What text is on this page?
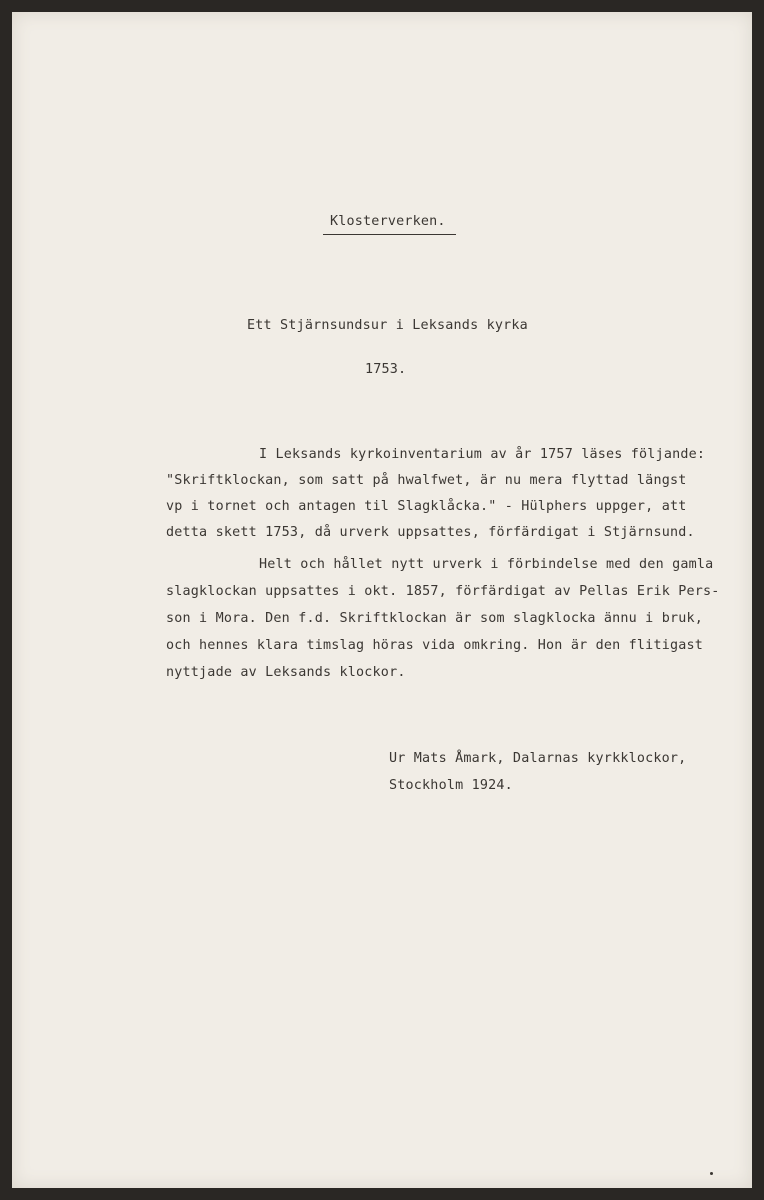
Klosterverken.
Ett Stjärnsundsur i Leksands kyrka
1753.
I Leksands kyrkoinventarium av år 1757 läses följande:
"Skriftklockan, som satt på hwalfwet, är nu mera flyttad längst
vp i tornet och antagen til Slagklåcka." - Hülphers uppger, att
detta skett 1753, då urverk uppsattes, förfärdigat i Stjärnsund.
Helt och hållet nytt urverk i förbindelse med den gamla
slagklockan uppsattes i okt. 1857, förfärdigat av Pellas Erik Pers-
son i Mora. Den f.d. Skriftklockan är som slagklocka ännu i bruk,
och hennes klara timslag höras vida omkring. Hon är den flitigast
nyttjade av Leksands klockor.
Ur Mats Åmark, Dalarnas kyrkklockor,
Stockholm 1924.
